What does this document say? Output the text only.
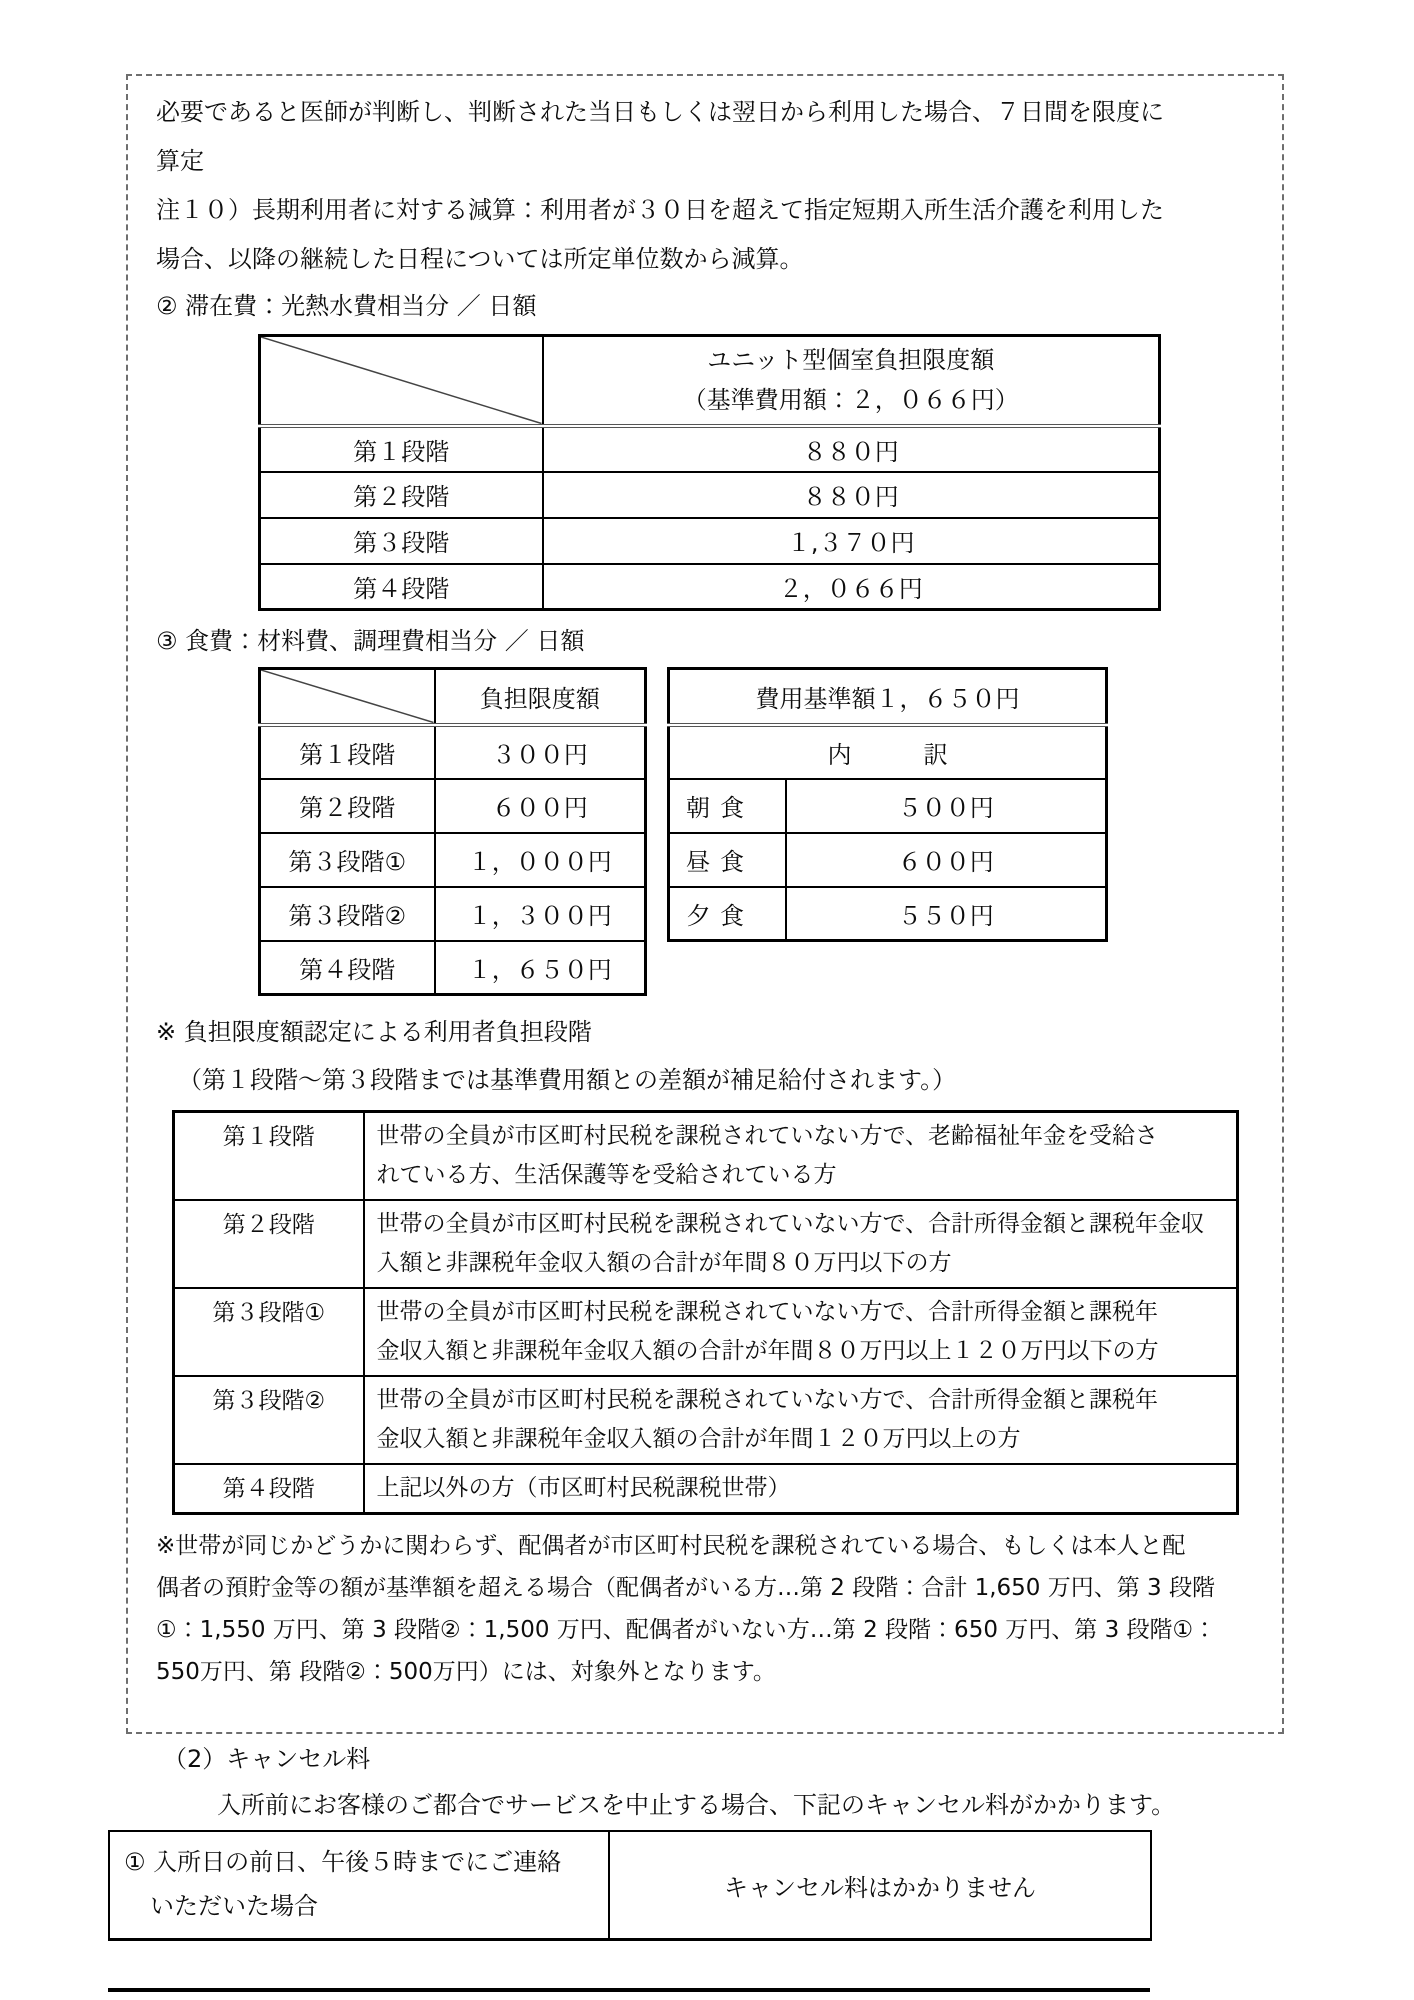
必要であると医師が判断し、判断された当日もしくは翌日から利用した場合、７日間を限度に
算定
注１０）長期利用者に対する減算：利用者が３０日を超えて指定短期入所生活介護を利用した
場合、以降の継続した日程については所定単位数から減算。
② 滞在費：光熱水費相当分 ／ 日額

ユニット型個室負担限度額
（基準費用額：２，０６６円）

第１段階	８８０円
第２段階	８８０円
第３段階	１,３７０円
第４段階	２，０６６円
③ 食費：材料費、調理費相当分 ／ 日額
	負担限度額
第１段階	３００円
第２段階	６００円
第３段階①	１，０００円
第３段階②	１，３００円
第４段階	１，６５０円
費用基準額１，６５０円	
内　　　訳	
朝食	５００円
昼食	６００円
夕食	５５０円
※ 負担限度額認定による利用者負担段階
（第１段階～第３段階までは基準費用額との差額が補足給付されます。）
第１段階	世帯の全員が市区町村民税を課税されていない方で、老齢福祉年金を受給さ
れている方、生活保護等を受給されている方

第２段階	世帯の全員が市区町村民税を課税されていない方で、合計所得金額と課税年金収
入額と非課税年金収入額の合計が年間８０万円以下の方

第３段階①	世帯の全員が市区町村民税を課税されていない方で、合計所得金額と課税年
金収入額と非課税年金収入額の合計が年間８０万円以上１２０万円以下の方

第３段階②	世帯の全員が市区町村民税を課税されていない方で、合計所得金額と課税年
金収入額と非課税年金収入額の合計が年間１２０万円以上の方

第４段階	上記以外の方（市区町村民税課税世帯）
※世帯が同じかどうかに関わらず、配偶者が市区町村民税を課税されている場合、もしくは本人と配
偶者の預貯金等の額が基準額を超える場合（配偶者がいる方…第 2 段階：合計 1,650 万円、第 3 段階
①：1,550 万円、第 3 段階②：1,500 万円、配偶者がいない方…第 2 段階：650 万円、第 3 段階①：
550万円、第 段階②：500万円）には、対象外となります。
（2）キャンセル料
入所前にお客様のご都合でサービスを中止する場合、下記のキャンセル料がかかります。
① 入所日の前日、午後５時までにご連絡
いただいた場合
	キャンセル料はかかりません
